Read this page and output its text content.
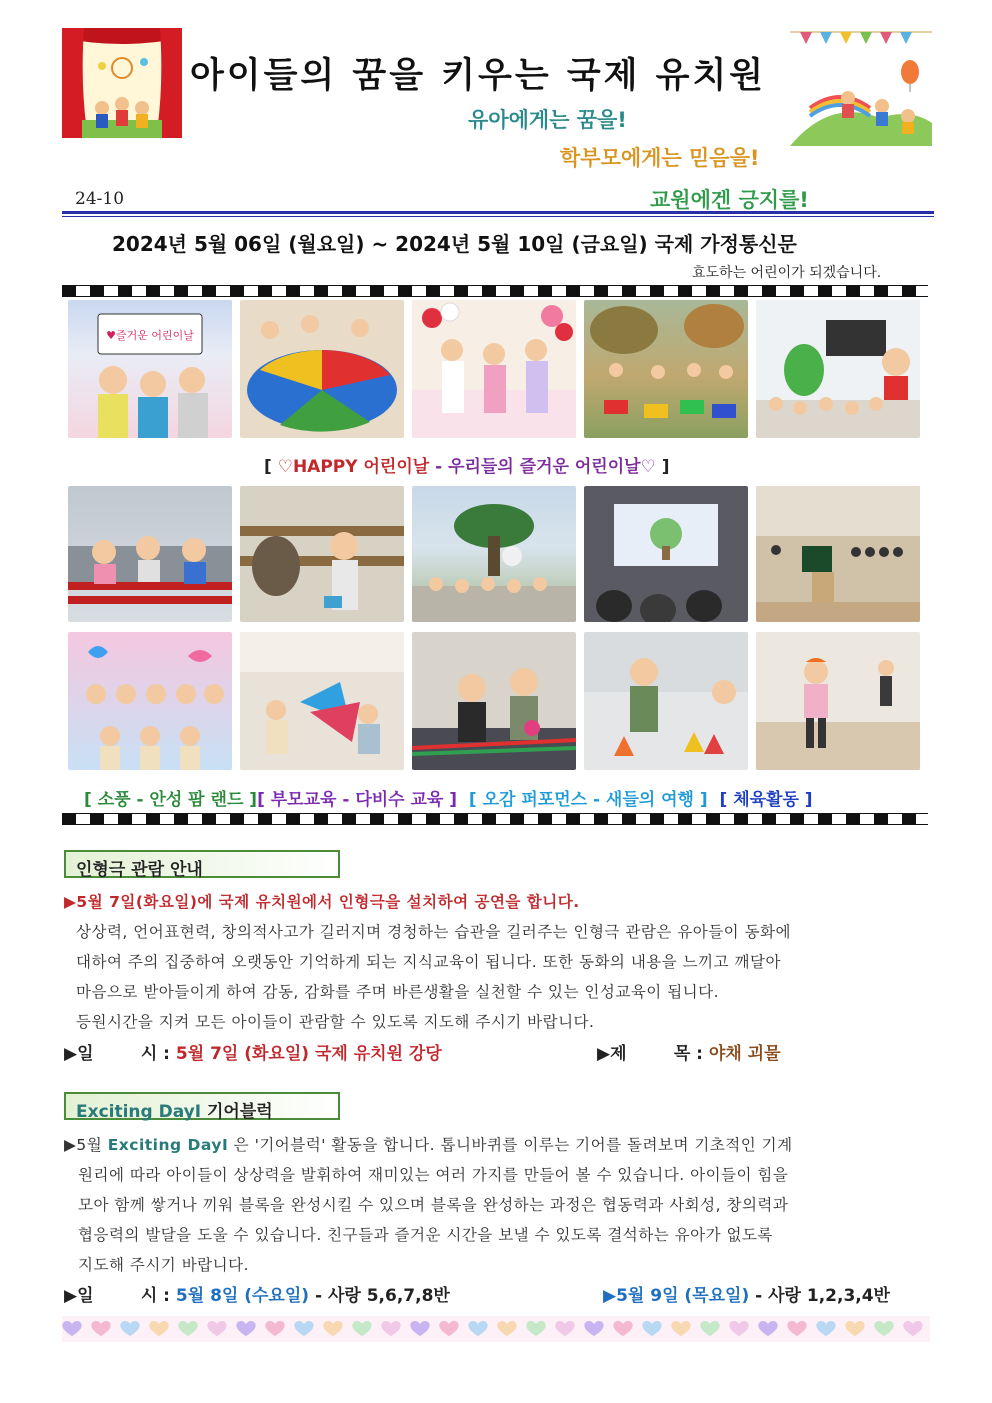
아이들의 꿈을 키우는 국제 유치원
유아에게는 꿈을!
학부모에게는 믿음을!
교원에겐 긍지를!
24-10
2024년 5월 06일 (월요일) ~ 2024년 5월 10일 (금요일) 국제 가정통신문
효도하는 어린이가 되겠습니다.
♥즐거운 어린이날
[ ♡HAPPY 어린이날 - 우리들의 즐거운 어린이날♡ ]
[ 소풍 - 안성 팜 랜드 ][ 부모교육 - 다비수 교육 ] [ 오감 퍼포먼스 - 새들의 여행 ] [ 체육활동 ]
인형극 관람 안내
▶5월 7일(화요일)에 국제 유치원에서 인형극을 설치하여 공연을 합니다.
상상력, 언어표현력, 창의적사고가 길러지며 경청하는 습관을 길러주는 인형극 관람은 유아들이 동화에
대하여 주의 집중하여 오랫동안 기억하게 되는 지식교육이 됩니다. 또한 동화의 내용을 느끼고 깨달아
마음으로 받아들이게 하여 감동, 감화를 주며 바른생활을 실천할 수 있는 인성교육이 됩니다.
등원시간을 지켜 모든 아이들이 관람할 수 있도록 지도해 주시기 바랍니다.
▶일        시 : 5월 7일 (화요일) 국제 유치원 강당	▶제        목 : 야채 괴물
Exciting DayⅠ 기어블럭
▶5월 Exciting DayⅠ 은 '기어블럭' 활동을 합니다. 톱니바퀴를 이루는 기어를 돌려보며 기초적인 기계
원리에 따라 아이들이 상상력을 발휘하여 재미있는 여러 가지를 만들어 볼 수 있습니다. 아이들이 힘을
모아 함께 쌓거나 끼워 블록을 완성시킬 수 있으며 블록을 완성하는 과정은 협동력과 사회성, 창의력과
협응력의 발달을 도울 수 있습니다. 친구들과 즐거운 시간을 보낼 수 있도록 결석하는 유아가 없도록
지도해 주시기 바랍니다.
▶일        시 : 5월 8일 (수요일) - 사랑 5,6,7,8반	▶5월 9일 (목요일) - 사랑 1,2,3,4반
